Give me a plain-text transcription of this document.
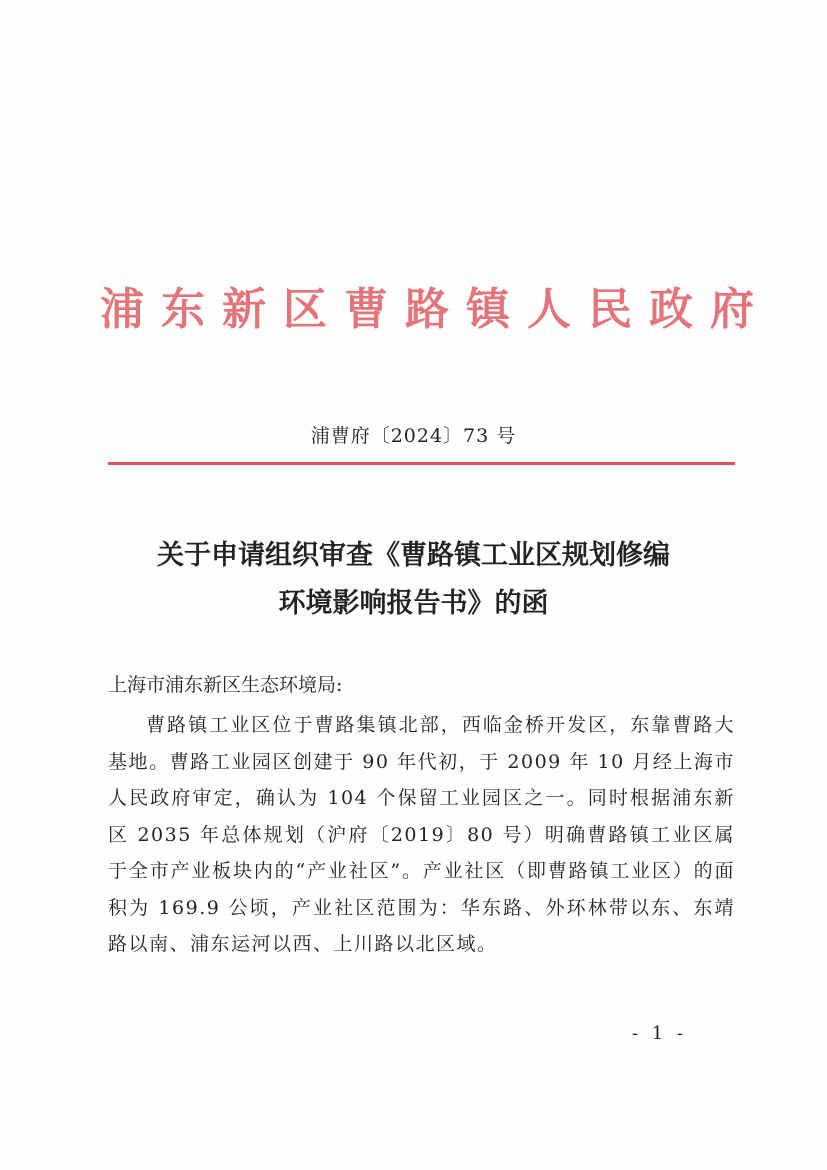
浦东新区曹路镇人民政府
浦曹府〔2024〕73 号
关于申请组织审查《曹路镇工业区规划修编
环境影响报告书》的函
上海市浦东新区生态环境局:
曹路镇工业区位于曹路集镇北部，西临金桥开发区，东靠曹路大基地。曹路工业园区创建于 90 年代初，于 2009 年 10 月经上海市人民政府审定，确认为 104 个保留工业园区之一。同时根据浦东新区 2035 年总体规划（沪府〔2019〕80 号）明确曹路镇工业区属于全市产业板块内的“产业社区”。产业社区（即曹路镇工业区）的面积为 169.9 公顷，产业社区范围为：华东路、外环林带以东、东靖路以南、浦东运河以西、上川路以北区域。
- 1 -
